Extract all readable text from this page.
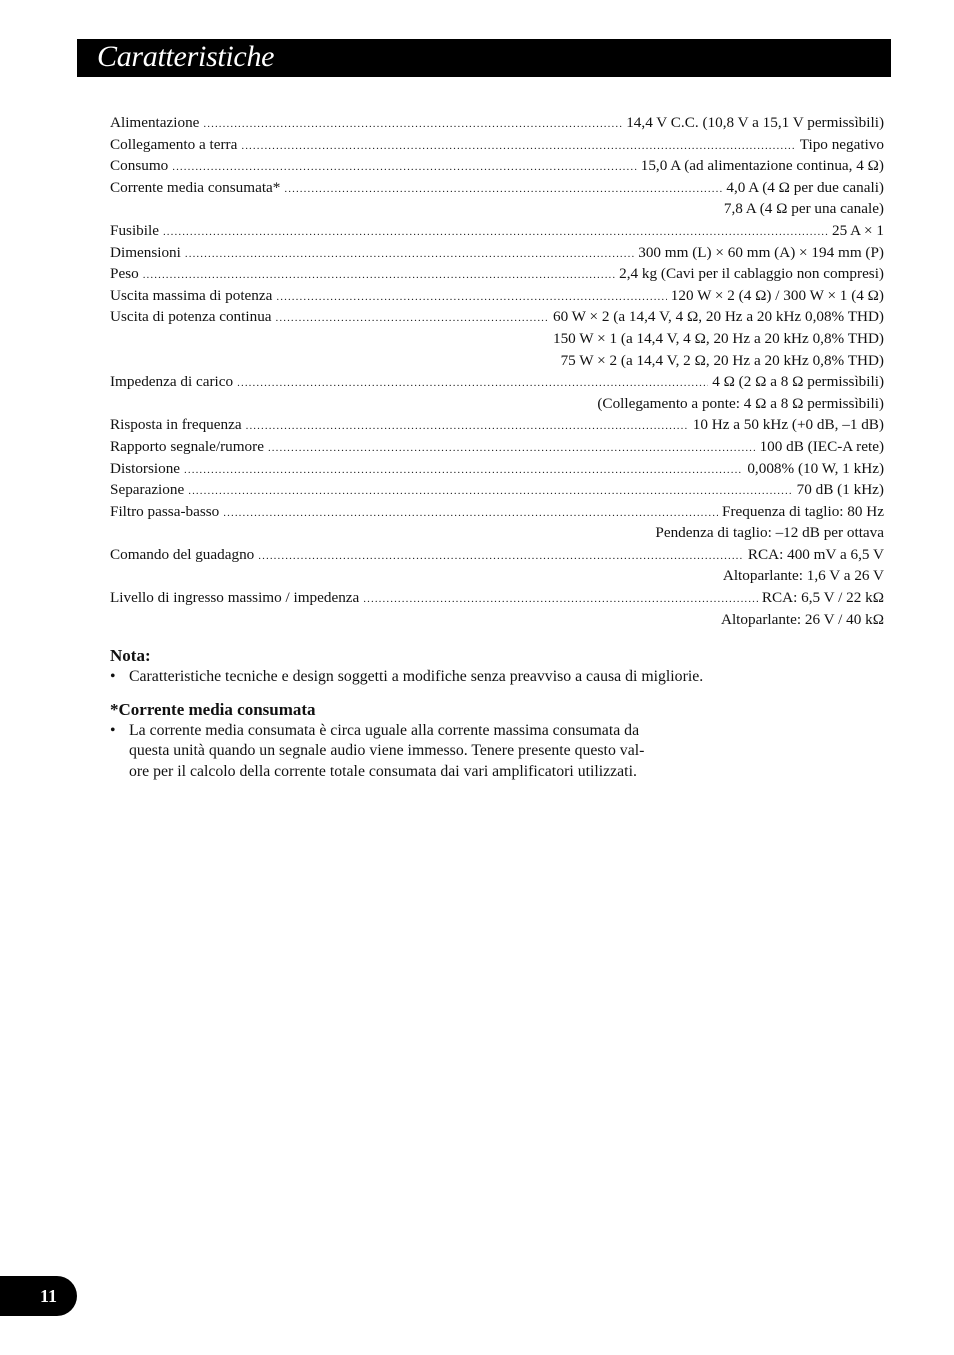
Caratteristiche
Alimentazione .....	14,4 V C.C. (10,8 V a 15,1 V permissìbili)
Collegamento a terra .....	Tipo negativo
Consumo .....	15,0 A (ad alimentazione continua, 4 Ω)
Corrente media consumata* .....	4,0 A (4 Ω per due canali)
7,8 A (4 Ω per una canale)
Fusibile .....	25 A × 1
Dimensioni .....	300 mm (L) × 60 mm (A) × 194 mm (P)
Peso .....	2,4 kg (Cavi per il cablaggio non compresi)
Uscita massima di potenza .....	120 W × 2 (4 Ω) / 300 W × 1 (4 Ω)
Uscita di potenza continua .....	60 W × 2 (a 14,4 V, 4 Ω, 20 Hz a 20 kHz 0,08% THD)
150 W × 1 (a 14,4 V, 4 Ω, 20 Hz a 20 kHz 0,8% THD)
75 W × 2 (a 14,4 V, 2 Ω, 20 Hz a 20 kHz 0,8% THD)
Impedenza di carico .....	4 Ω (2 Ω a 8 Ω permissìbili)
(Collegamento a ponte: 4 Ω a 8 Ω permissìbili)
Risposta in frequenza .....	10 Hz a 50 kHz (+0 dB, –1 dB)
Rapporto segnale/rumore .....	100 dB (IEC-A rete)
Distorsione .....	0,008% (10 W, 1 kHz)
Separazione .....	70 dB (1 kHz)
Filtro passa-basso .....	Frequenza di taglio: 80 Hz
Pendenza di taglio: –12 dB per ottava
Comando del guadagno .....	RCA: 400 mV a 6,5 V
Altoparlante: 1,6 V a 26 V
Livello di ingresso massimo / impedenza .....	RCA: 6,5 V / 22 kΩ
Altoparlante: 26 V / 40 kΩ
Nota:

• Caratteristiche tecniche e design soggetti a modifiche senza preavviso a causa di migliorie.

*Corrente media consumata
• La corrente media consumata è circa uguale alla corrente massima consumata da
questa unità quando un segnale audio viene immesso. Tenere presente questo val-
ore per il calcolo della corrente totale consumata dai vari amplificatori utilizzati.
11
